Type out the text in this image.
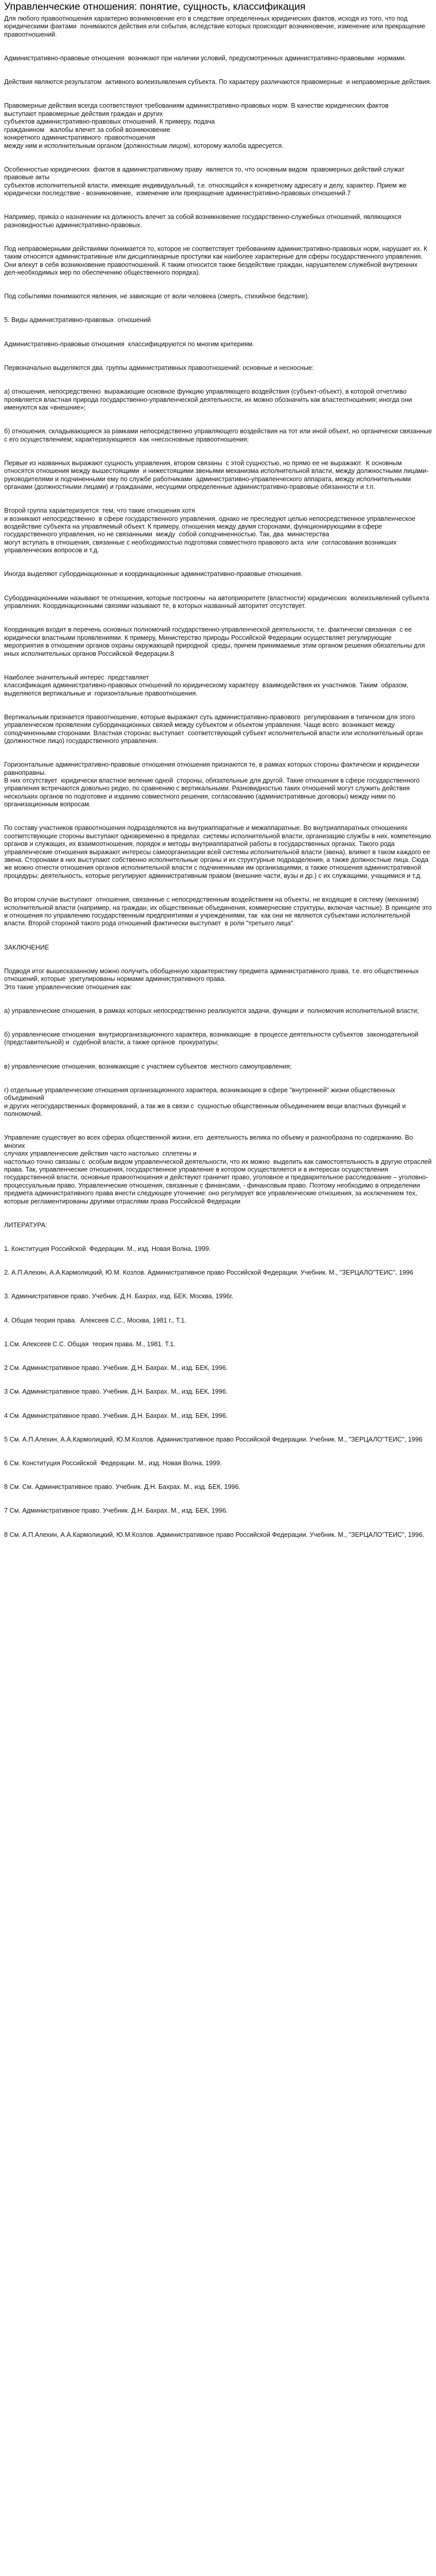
Управленческие отношения: понятие, сущность, классификация

Для любого правоотношения характерно возникновение его в следствие определенных юридических фактов, исходя из того, что под юридическими фактами  понимаются действия или события, вследствие которых происходит возникновение, изменение или прекращение правоотношений.

Административно-правовые отношения  возникают при наличии условий, предусмотренных административно-правовыми  нормами.

Действия являются результатом  активного волеизъявления субъекта. По характеру различаются правомерные  и неправомерные действия.

Правомерные действия всегда соответствуют требованиям административно-правовых норм. В качестве юридических фактов

выступают правомерные действия граждан и других

субъектов административно-правовых отношений. К примеру, подача

гражданином   жалобы влечет за собой возникновение

конкретного административного  правоотношения

между ним и исполнительным органом (должностным лицом), которому жалоба адресуется.

Особенностью юридических  фактов в административному праву  является то, что основным видом  правомерных действий служат правовые акты

субъектов исполнительной власти, имеющие индивидуальный, т.е. относящийся к конкретному адресату и делу, характер. Прием же юридически последствие - возникновение,  изменение или прекращение административно-правовых отношений.7

Например, приказ о назначении на должность влечет за собой возникновение государственно-служебных отношений, являющихся разновидностью административно-правовых.

Под неправомерными действиями понимается то, которое не соответствует требованиям административно-правовых норм, нарушает их. К таким относятся административные или дисциплинарные проступки как наиболее характерные для сферы государственного управления. Они влекут в себя возникновение правоотношений. К таким относится также бездействие граждан, нарушителем служебной внутренних дел-необходимых мер по обеспечению общественного порядка).

Под событиями понимаются явления, не зависящие от воли человека (смерть, стихийное бедствие).

5. Виды административно-правовых  отношений

Административно-правовые отношения  классифицируются по многим критериям.

Первоначально выделяются два  группы административных правоотношений: основные и несносные:

а) отношения, непосредственно  выражающие основное функцию управляющего воздействия (субъект-объект), в которой отчетливо проявляется властная природа государственно-управленческой деятельности, их можно обозначить как властеотношения; иногда они именуются как «внешние»;

б) отношения, складывающиеся за рамками непосредственно управляющего воздействия на тот или иной объект, но органически связанные с его осуществлением; характеризующиеся  как «несосновные правоотношения;

Первые из названных выражают сущность управления, втором связаны  с этой сущностью, но прямо ее не выражают.  К основным

относятся отношения между вышестоящими  и нижестоящими звеньями механизма исполнительной власти, между должностными лицами-руководителями и подчиненными ему по службе работниками  административно-управленческого аппарата, между исполнительными органами (должностными лицами) и гражданами, несущими определенные административно-правовые обязанности и т.п.

Второй группа характеризуется  тем, что такие отношения хотя

и возникают непосредственно  в сфере государственного управления, однако не преследуют целью непосредственное управленческое воздействие субъекта на управляемый объект. К примеру, отношения между двумя сторонами, функционирующими в сфере государственного управления, но не связанными  между  собой соподчиненностью. Так, два  министерства

могут вступать в отношения, связанные с необходимостью подготовки совместного правового акта  или  согласования возникших управленческих вопросов и т.д.

Иногда выделяют субординационные и координационные административно-правовые отношения.

Субординационными называют те отношения, которые построены  на автоприоритете (властности) юридических  волеизъявлений субъекта управления. Координационными связями называют те, в которых названный авторитет отсутствует.

Координация входит в перечень основных полномочий государственно-управленческой деятельности, т.е. фактически связанная  с ее юридически властными проявлениями. К примеру, Министерство природы Российской Федерации осуществляет регулирующие мероприятия в отношении органов охраны окружающей природной  среды, причем принимаемые этим органом решения обязательны для иных исполнительных органов Российской Федерации.8

Наиболее значительный интерес  представляет

классификация административно-правовых отношений по юридическому характеру  взаимодействия их участников. Таким  образом, выделяются вертикальные и  горизонтальные правоотношения.

Вертикальным признается правоотношение, которые выражают суть административно-правового  регулирования в типичном для этого управленческом проявлении субординационных связей между субъектом и объектом управления. Чаще всего  возникают между  соподчиненными сторонами. Властная сторонас выступает  соответствующий субъект исполнительной власти или исполнительный орган (должностное лицо) государственного управления.

Горизонтальные административно-правовые отношения отношения признаются те, в рамках которых стороны фактически и юридически равноправны.

В них отсутствует  юридически властное веление одной  стороны, обязательные для другой. Такие отношения в сфере государственного управления встречаются довольно редко, по сравнению с вертикальными. Разновидностью таких отношений могут служить действия нескольких органов по подготовке и изданию совместного решения, согласованию (административные договоры) между ними по организационным вопросам.

По составу участников правоотношения подразделяются на внутриаппаратные и межаппаратные. Во внутриаппаратных отношениях соответствующие стороны выступают одновременно в пределах  системы исполнительной власти, организацию службы в них, компетенцию органов и служащих, их взаимоотношения, порядок и методы внутриаппаратной работы в государственных органах. Такого рода управленческие отношения выражают интересы самоорганизации всей системы исполнительной власти (звена), влияют в таком каждого ее звена. Сторонами в них выступают собственно исполнительные органы и их структурные подразделения, а также должностные лица. Сюда же можно отнести отношения органов исполнительной власти с подчиненными им организациями, а также отношения административной процедуры; деятельность, которые регулируют административным правом (внешние части, вузы и др.) с их служащими, учащимися и т.д.

Во втором случае выступают  отношения, связанные с непосредственным воздействием на объекты, не входящие в систему (механизм) исполнительной власти (например, на граждан, их общественные объединения, коммерческие структуры, включая частные). В принципе это и отношения по управлению государственным предприятиями и учреждениями, так  как они не являются субъектами исполнительной власти. Второй стороной такого рода отношений фактически выступает  в роли "третьего лица".

ЗАКЛЮЧЕНИЕ

Подводя итог вышесказанному можно получить обобщенную характеристику предмета административного права, т.е. его общественных отношений, которые  урегулированы нормами административного права.

Это такие управленческие отношения как:

а) управленческие отношения, в рамках которых непосредственно реализуются задачи, функции и  полномочия исполнительной власти;

б) управленческие отношения  внутриорганизационного характера, возникающие  в процессе деятельности субъектов  законодательной (представительной) и  судебной власти, а также органов  прокуратуры;

в) управленческие отношения, возникающие с участием субъектов  местного самоуправления;

г) отдельные управленческие отношения организационного характера, возникающие в сфере "внутренней" жизни общественных объединений

и других негосударственных формирований, а так же в связи с  сущностью общественным объединением вещи властных функций и полномочий.

Управление существует во всех сферах общественной жизни, его  деятельность велика по объему и разнообразна по содержанию. Во многих

случаях управленческие действия часто настолько  сплетены и

настолько точно связаны с  особым видом управленческой деятельности, что их можно  выделить как самостоятельность в другую отраслей права. Так, управленческие отношения, государственное управление в котором осуществляется и в интересах осуществления государственной власти, основные правоотношения и действуют граничит право, уголовное и предварительное расследование – уголовно-процессуальным право. Управленческие отношения, связанные с финансами, - финансовым право. Поэтому необходимо в определении предмета административного права внести следующее уточнение: оно регулирует все управленческие отношения, за исключением тех, которые регламентированы другими отраслями права Российской Федерации

ЛИТЕРАТУРА:

1. Конституция Российской  Федерации. М., изд. Новая Волна, 1999.

2. А.П.Алехин, А.А.Кармолицкий, Ю.М. Козлов. Административное право Российской Федерации. Учебник. М., "ЗЕРЦАЛО"ТЕИС", 1996

3. Административное право. Учебник. Д.Н. Бахрах, изд. БЕК. Москва, 1996г.

4. Общая теория права.  Алексеев С.С., Москва, 1981 г., Т.1.

1.См. Алексеев С.С. Общая  теория права. М., 1981. Т.1.

2 См. Административное право. Учебник. Д.Н. Бахрах. М., изд. БЕК, 1996.

3 См. Административное право. Учебник. Д.Н. Бахрах. М., изд. БЕК, 1996.

4 См. Административное право. Учебник. Д.Н. Бахрах. М., изд. БЕК, 1996.

5 См. А.П.Алехин, А.А.Кармолицкий, Ю.М.Козлов. Административное право Российской Федерации. Учебник. М., "ЗЕРЦАЛО"ТЕИС", 1996

6 См. Конституция Российской  Федерации. М., изд. Новая Волна, 1999.

8 См. См. Административное право. Учебник. Д.Н. Бахрах. М., изд. БЕК, 1996.

7 См. Административное право. Учебник. Д.Н. Бахрах. М., изд. БЕК, 1996.

8 См. А.П.Алехин, А.А.Кармолицкий, Ю.М.Козлов. Административное право Российской Федерации. Учебник. М., "ЗЕРЦАЛО"ТЕИС", 1996.
